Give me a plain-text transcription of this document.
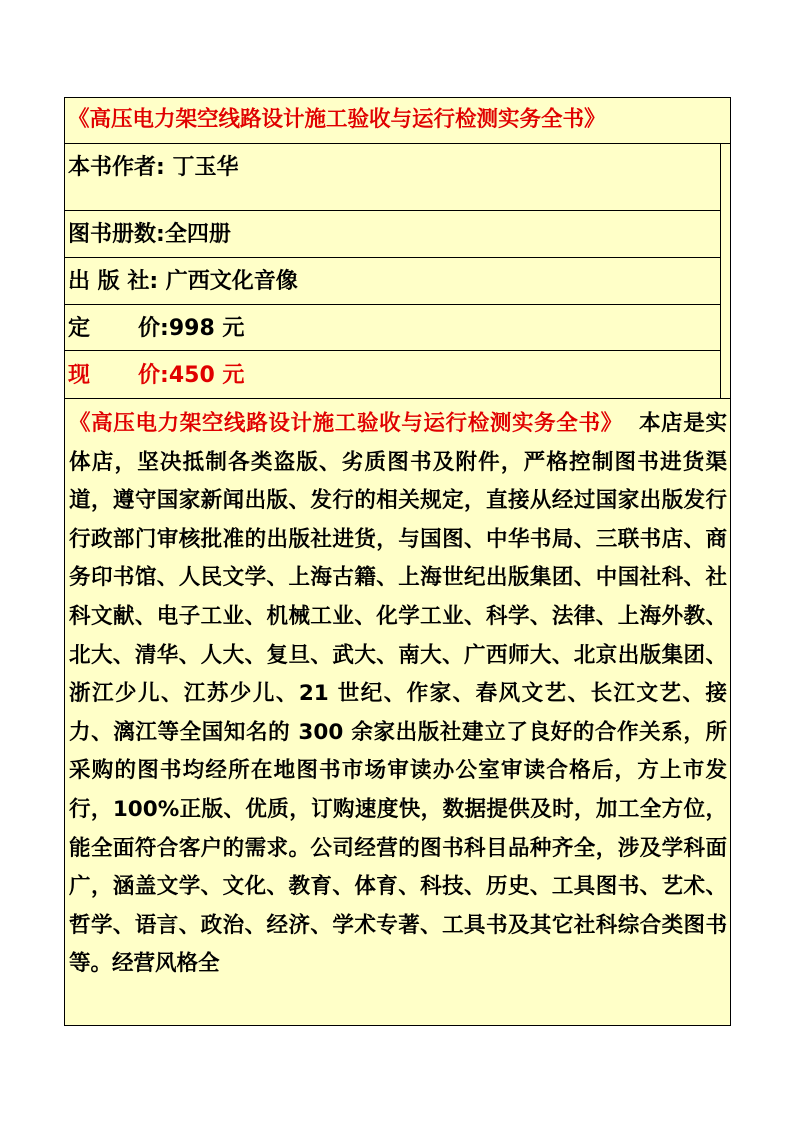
《高压电力架空线路设计施工验收与运行检测实务全书》
本书作者: 丁玉华
图书册数:全四册
出 版 社: 广西文化音像
定 价:998 元
现 价:450 元
《高压电力架空线路设计施工验收与运行检测实务全书》 本店是实体店，坚决抵制各类盗版、劣质图书及附件，严格控制图书进货渠道，遵守国家新闻出版、发行的相关规定，直接从经过国家出版发行行政部门审核批准的出版社进货，与国图、中华书局、三联书店、商务印书馆、人民文学、上海古籍、上海世纪出版集团、中国社科、社科文献、电子工业、机械工业、化学工业、科学、法律、上海外教、北大、清华、人大、复旦、武大、南大、广西师大、北京出版集团、浙江少儿、江苏少儿、21 世纪、作家、春风文艺、长江文艺、接力、漓江等全国知名的 300 余家出版社建立了良好的合作关系，所采购的图书均经所在地图书市场审读办公室审读合格后，方上市发行，100%正版、优质，订购速度快，数据提供及时，加工全方位，能全面符合客户的需求。公司经营的图书科目品种齐全，涉及学科面广，涵盖文学、文化、教育、体育、科技、历史、工具图书、艺术、哲学、语言、政治、经济、学术专著、工具书及其它社科综合类图书等。经营风格全
